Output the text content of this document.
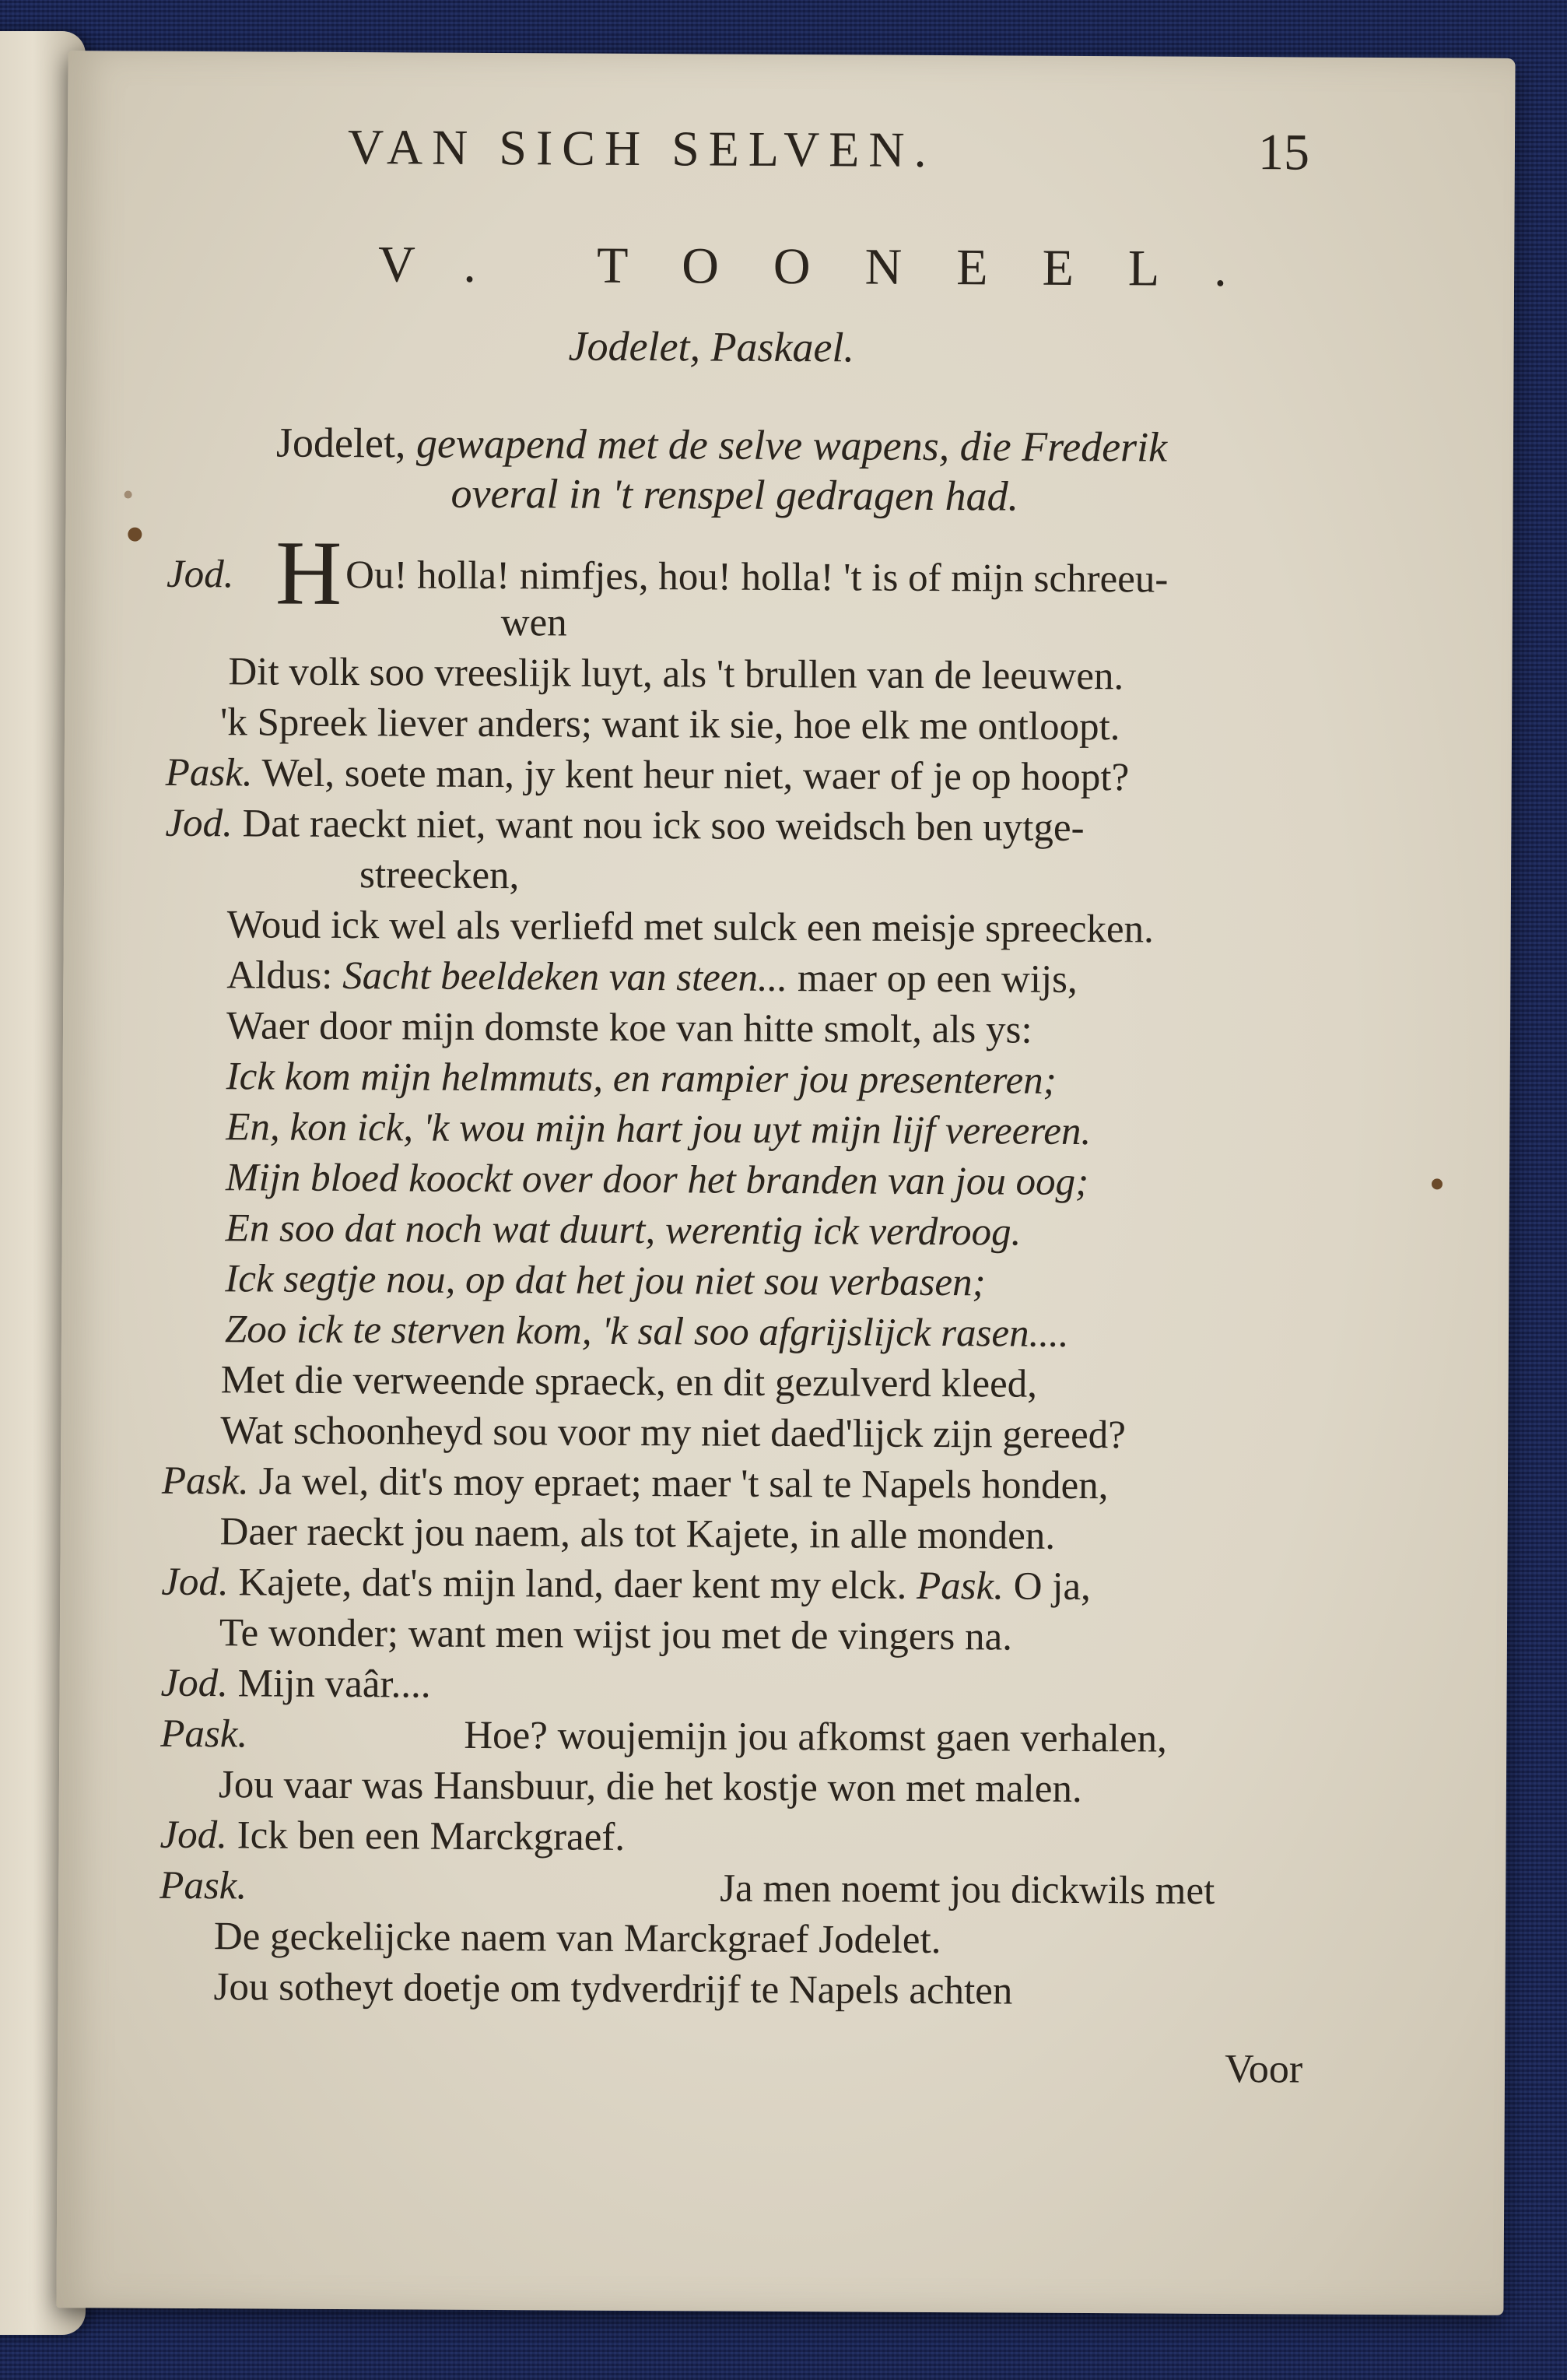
VAN SICH SELVEN.	15
V. TOONEEL.
Jodelet, Paskael.
Jodelet, gewapend met de selve wapens, die Frederik
overal in 't renspel gedragen had.
H
Jod.	Ou! holla! nimfjes, hou! holla! 't is of mijn schreeu-
wen
Dit volk soo vreeslijk luyt, als 't brullen van de leeuwen.
'k Spreek liever anders; want ik sie, hoe elk me ontloopt.
Pask. Wel, soete man, jy kent heur niet, waer of je op hoopt?
Jod. Dat raeckt niet, want nou ick soo weidsch ben uytge-
streecken,
Woud ick wel als verliefd met sulck een meisje spreecken.
Aldus: Sacht beeldeken van steen... maer op een wijs,
Waer door mijn domste koe van hitte smolt, als ys:
Ick kom mijn helmmuts, en rampier jou presenteren;
En, kon ick, 'k wou mijn hart jou uyt mijn lijf vereeren.
Mijn bloed koockt over door het branden van jou oog;
En soo dat noch wat duurt, werentig ick verdroog.
Ick segtje nou, op dat het jou niet sou verbasen;
Zoo ick te sterven kom, 'k sal soo afgrijslijck rasen....
Met die verweende spraeck, en dit gezulverd kleed,
Wat schoonheyd sou voor my niet daed'lijck zijn gereed?
Pask. Ja wel, dit's moy epraet; maer 't sal te Napels honden,
Daer raeckt jou naem, als tot Kajete, in alle monden.
Jod. Kajete, dat's mijn land, daer kent my elck. Pask. O ja,
Te wonder; want men wijst jou met de vingers na.
Jod. Mijn vaâr....
Pask.	Hoe? woujemijn jou afkomst gaen verhalen,
Jou vaar was Hansbuur, die het kostje won met malen.
Jod. Ick ben een Marckgraef.
Pask.	Ja men noemt jou dickwils met
De geckelijcke naem van Marckgraef Jodelet.
Jou sotheyt doetje om tydverdrijf te Napels achten
Voor
